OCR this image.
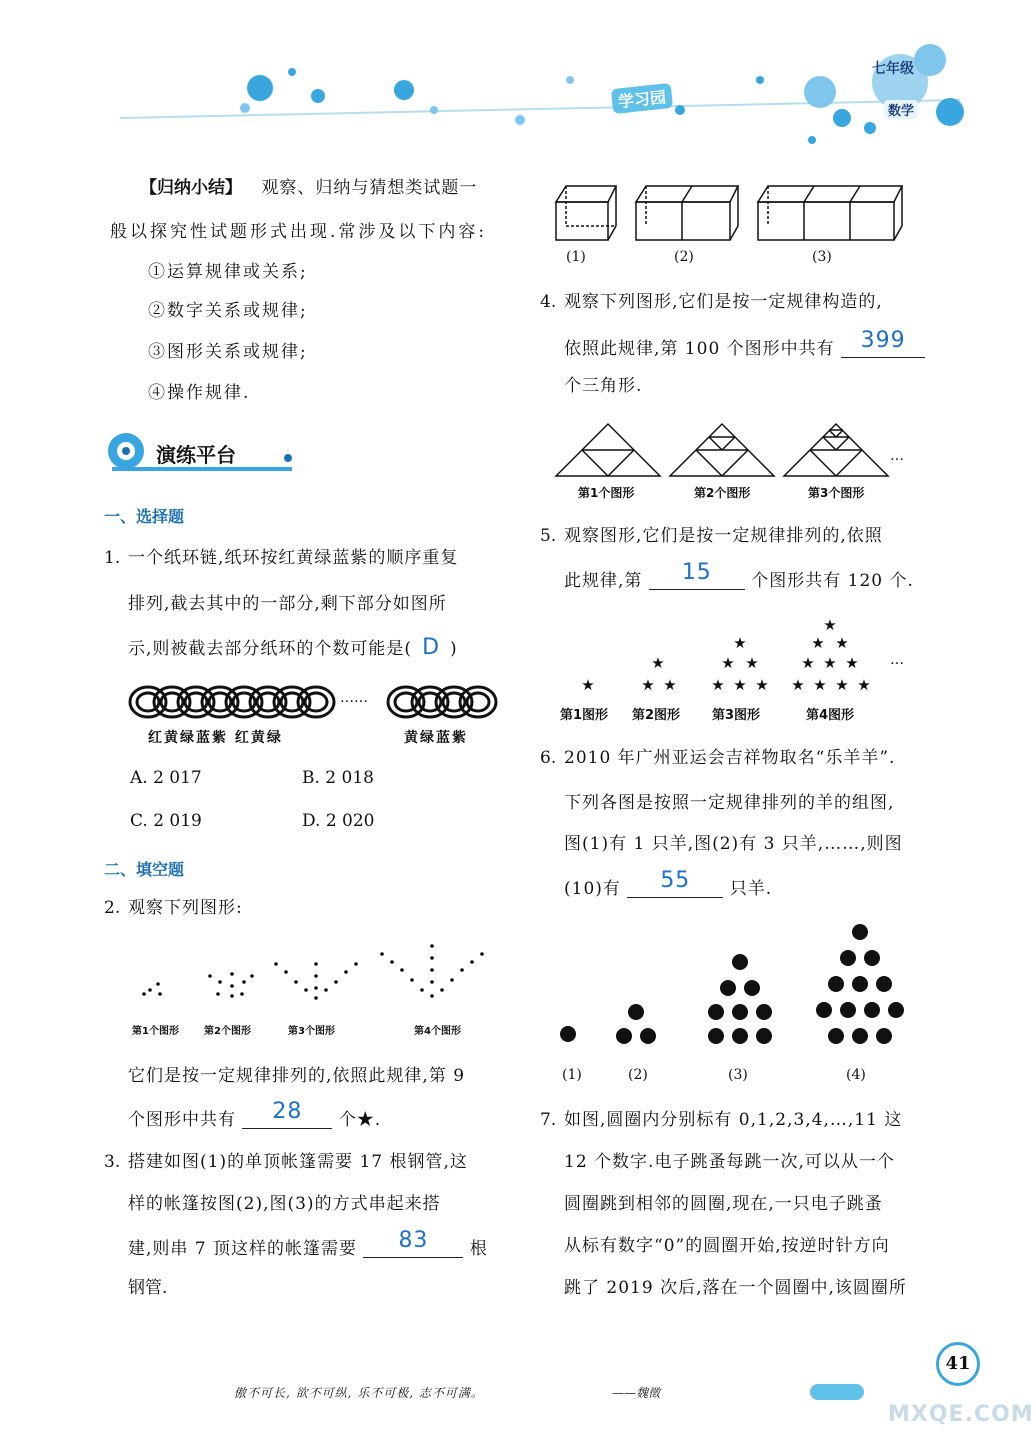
学习园
七年级
数学
【归纳小结】 观察、归纳与猜想类试题一
般以探究性试题形式出现.常涉及以下内容:
①运算规律或关系;
②数字关系或规律;
③图形关系或规律;
④操作规律.
演练平台
一、选择题
1. 一个纸环链,纸环按红黄绿蓝紫的顺序重复
排列,截去其中的一部分,剩下部分如图所
示,则被截去部分纸环的个数可能是( D )
……
红黄绿蓝紫 红黄绿	黄绿蓝紫
A. 2 017	B. 2 018
C. 2 019	D. 2 020
二、填空题
2. 观察下列图形:
第1个图形	第2个图形	第3个图形	第4个图形
它们是按一定规律排列的,依照此规律,第 9
个图形中共有 28 个★.
3. 搭建如图(1)的单顶帐篷需要 17 根钢管,这
样的帐篷按图(2),图(3)的方式串起来搭
建,则串 7 顶这样的帐篷需要 83 根
钢管.
(1)	(2)	(3)
4. 观察下列图形,它们是按一定规律构造的,
依照此规律,第 100 个图形中共有 399
个三角形.
…
第1个图形	第2个图形	第3个图形
5. 观察图形,它们是按一定规律排列的,依照
此规律,第 15 个图形共有 120 个.
★
★
★ ★
★
★ ★
★ ★ ★
★
★ ★
★ ★ ★
★ ★ ★ ★
…
第1图形 第2图形 第3图形	第4图形
6. 2010 年广州亚运会吉祥物取名“乐羊羊”.
下列各图是按照一定规律排列的羊的组图,
图(1)有 1 只羊,图(2)有 3 只羊,……,则图
(10)有 55 只羊.
(1)	(2)	(3)	(4)
7. 如图,圆圈内分别标有 0,1,2,3,4,…,11 这
12 个数字.电子跳蚤每跳一次,可以从一个
圆圈跳到相邻的圆圈,现在,一只电子跳蚤
从标有数字“0”的圆圈开始,按逆时针方向
跳了 2019 次后,落在一个圆圈中,该圆圈所
傲不可长, 欲不可纵, 乐不可极, 志不可满。	——魏徵
41
MXQE.COM
